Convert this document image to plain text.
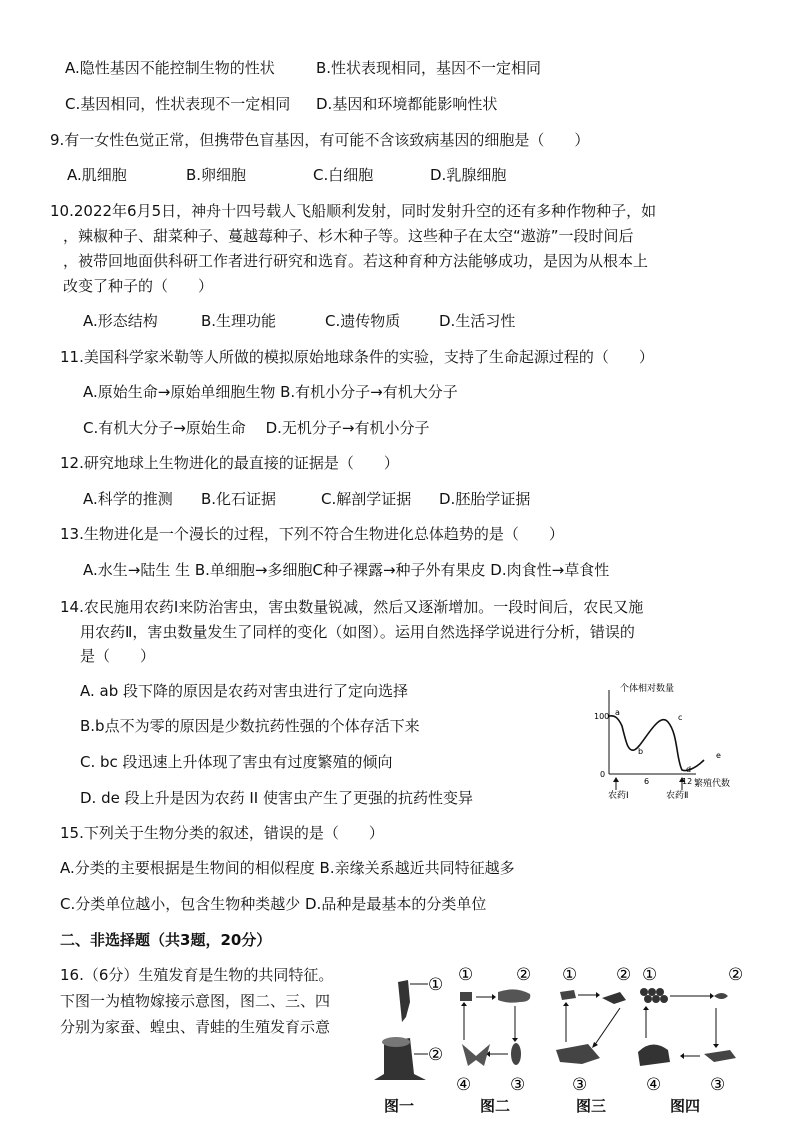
A.隐性基因不能控制生物的性状	B.性状表现相同，基因不一定相同
C.基因相同，性状表现不一定相同 D.基因和环境都能影响性状
9.有一女性色觉正常，但携带色盲基因，有可能不含该致病基因的细胞是（　　）
A.肌细胞	B.卵细胞	C.白细胞	D.乳腺细胞
10.2022年6月5日，神舟十四号载人飞船顺利发射，同时发射升空的还有多种作物种子，如
，辣椒种子、甜菜种子、蔓越莓种子、杉木种子等。这些种子在太空“遨游”一段时间后
，被带回地面供科研工作者进行研究和选育。若这种育种方法能够成功，是因为从根本上
改变了种子的（　　）
A.形态结构	B.生理功能	C.遗传物质	D.生活习性
11.美国科学家米勒等人所做的模拟原始地球条件的实验，支持了生命起源过程的（　　）
A.原始生命→原始单细胞生物 B.有机小分子→有机大分子
C.有机大分子→原始生命　 D.无机分子→有机小分子
12.研究地球上生物进化的最直接的证据是（　　）
A.科学的推测 B.化石证据	C.解剖学证据 D.胚胎学证据
13.生物进化是一个漫长的过程，下列不符合生物进化总体趋势的是（　　）
A.水生→陆生 生 B.单细胞→多细胞C种子裸露→种子外有果皮 D.肉食性→草食性
14.农民施用农药Ⅰ来防治害虫，害虫数量锐减，然后又逐渐增加。一段时间后，农民又施
用农药Ⅱ，害虫数量发生了同样的变化（如图）。运用自然选择学说进行分析，错误的
是（　　）
A. ab 段下降的原因是农药对害虫进行了定向选择
B.b点不为零的原因是少数抗药性强的个体存活下来
C. bc 段迅速上升体现了害虫有过度繁殖的倾向
D. de 段上升是因为农药 II 使害虫产生了更强的抗药性变异
个体相对数量
100
0
6	12 繁殖代数
a
b
c
d
e
农药Ⅰ	农药Ⅱ
15.下列关于生物分类的叙述，错误的是（　　）
A.分类的主要根据是生物间的相似程度 B.亲缘关系越近共同特征越多
C.分类单位越小，包含生物种类越少 D.品种是最基本的分类单位
二、非选择题（共3题，20分）
16.（6分）生殖发育是生物的共同特征。
下图一为植物嫁接示意图，图二、三、四
分别为家蚕、蝗虫、青蛙的生殖发育示意
①
②
①	②
④ ③
① ②
③
①	②
④	③
图一	图二	图三	图四
